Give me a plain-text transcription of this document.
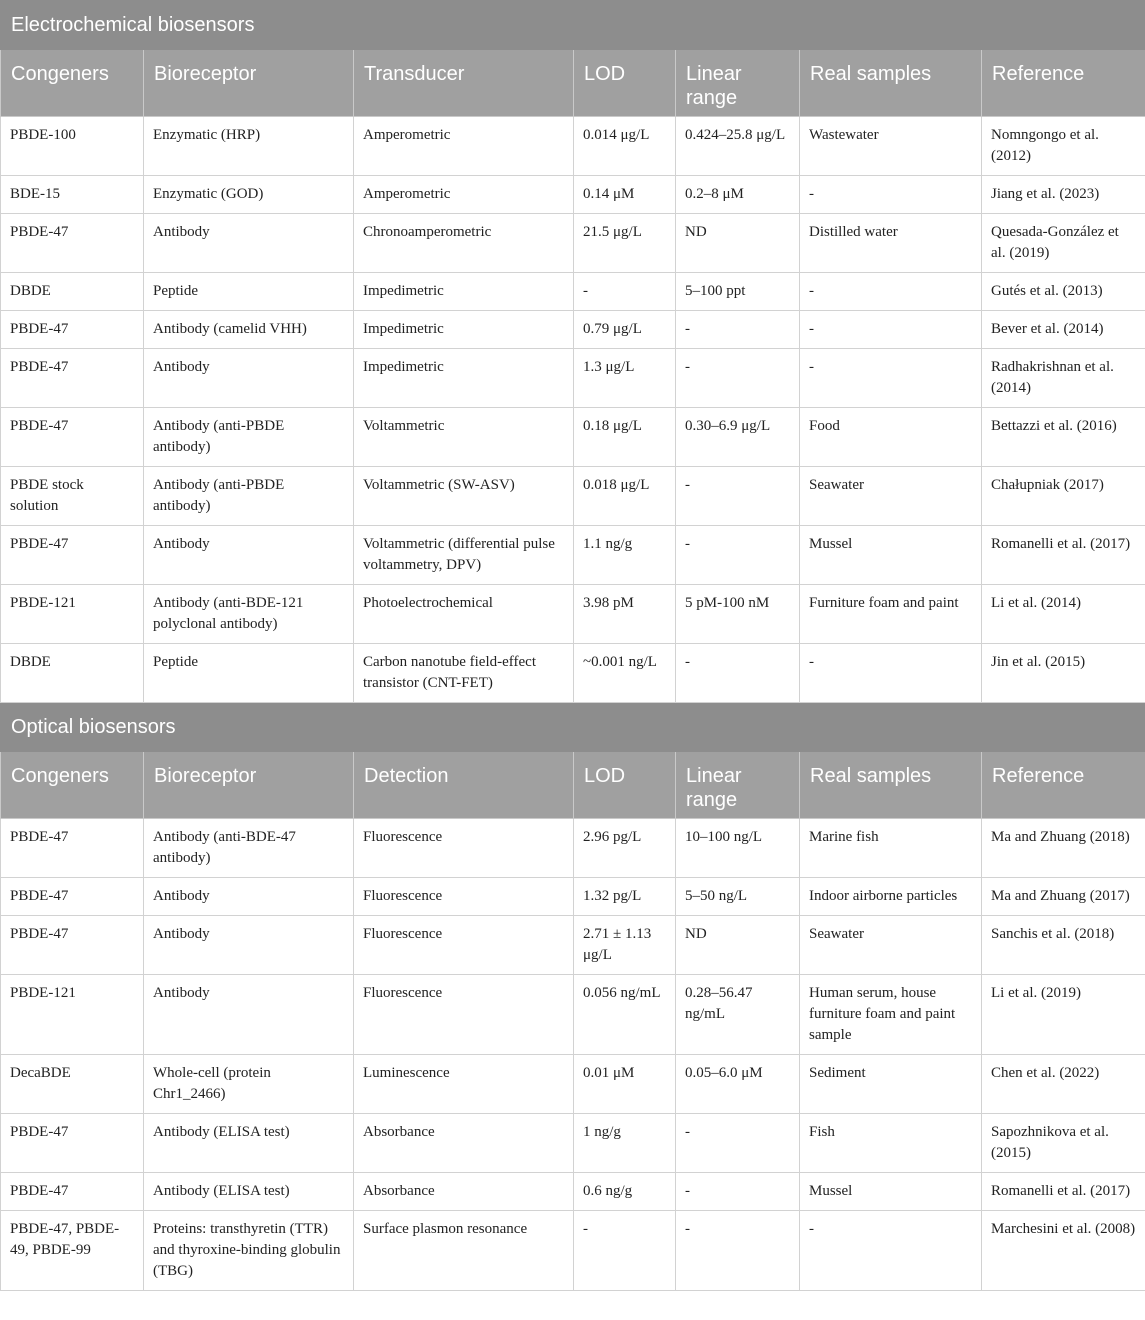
Electrochemical biosensors						
Congeners	Bioreceptor	Transducer	LOD	Linear range	Real samples	Reference
PBDE-100	Enzymatic (HRP)	Amperometric	0.014 μg/L	0.424–25.8 μg/L	Wastewater	Nomngongo et al. (2012)
BDE-15	Enzymatic (GOD)	Amperometric	0.14 μM	0.2–8 μM	-	Jiang et al. (2023)
PBDE-47	Antibody	Chronoamperometric	21.5 μg/L	ND	Distilled water	Quesada-González et al. (2019)
DBDE	Peptide	Impedimetric	-	5–100 ppt	-	Gutés et al. (2013)
PBDE-47	Antibody (camelid VHH)	Impedimetric	0.79 μg/L	-	-	Bever et al. (2014)
PBDE-47	Antibody	Impedimetric	1.3 μg/L	-	-	Radhakrishnan et al. (2014)
PBDE-47	Antibody (anti-PBDE antibody)	Voltammetric	0.18 μg/L	0.30–6.9 μg/L	Food	Bettazzi et al. (2016)
PBDE stock solution	Antibody (anti-PBDE antibody)	Voltammetric (SW-ASV)	0.018 μg/L	-	Seawater	Chałupniak (2017)
PBDE-47	Antibody	Voltammetric (differential pulse voltammetry, DPV)	1.1 ng/g	-	Mussel	Romanelli et al. (2017)
PBDE-121	Antibody (anti-BDE-121 polyclonal antibody)	Photoelectrochemical	3.98 pM	5 pM-100 nM	Furniture foam and paint	Li et al. (2014)
DBDE	Peptide	Carbon nanotube field-effect transistor (CNT-FET)	~0.001 ng/L	-	-	Jin et al. (2015)
Optical biosensors						
Congeners	Bioreceptor	Detection	LOD	Linear range	Real samples	Reference
PBDE-47	Antibody (anti-BDE-47 antibody)	Fluorescence	2.96 pg/L	10–100 ng/L	Marine fish	Ma and Zhuang (2018)
PBDE-47	Antibody	Fluorescence	1.32 pg/L	5–50 ng/L	Indoor airborne particles	Ma and Zhuang (2017)
PBDE-47	Antibody	Fluorescence	2.71 ± 1.13 μg/L	ND	Seawater	Sanchis et al. (2018)
PBDE-121	Antibody	Fluorescence	0.056 ng/mL	0.28–56.47 ng/mL	Human serum, house furniture foam and paint sample	Li et al. (2019)
DecaBDE	Whole-cell (protein Chr1_2466)	Luminescence	0.01 μM	0.05–6.0 μM	Sediment	Chen et al. (2022)
PBDE-47	Antibody (ELISA test)	Absorbance	1 ng/g	-	Fish	Sapozhnikova et al. (2015)
PBDE-47	Antibody (ELISA test)	Absorbance	0.6 ng/g	-	Mussel	Romanelli et al. (2017)
PBDE-47, PBDE-49, PBDE-99	Proteins: transthyretin (TTR) and thyroxine-binding globulin (TBG)	Surface plasmon resonance	-	-	-	Marchesini et al. (2008)
